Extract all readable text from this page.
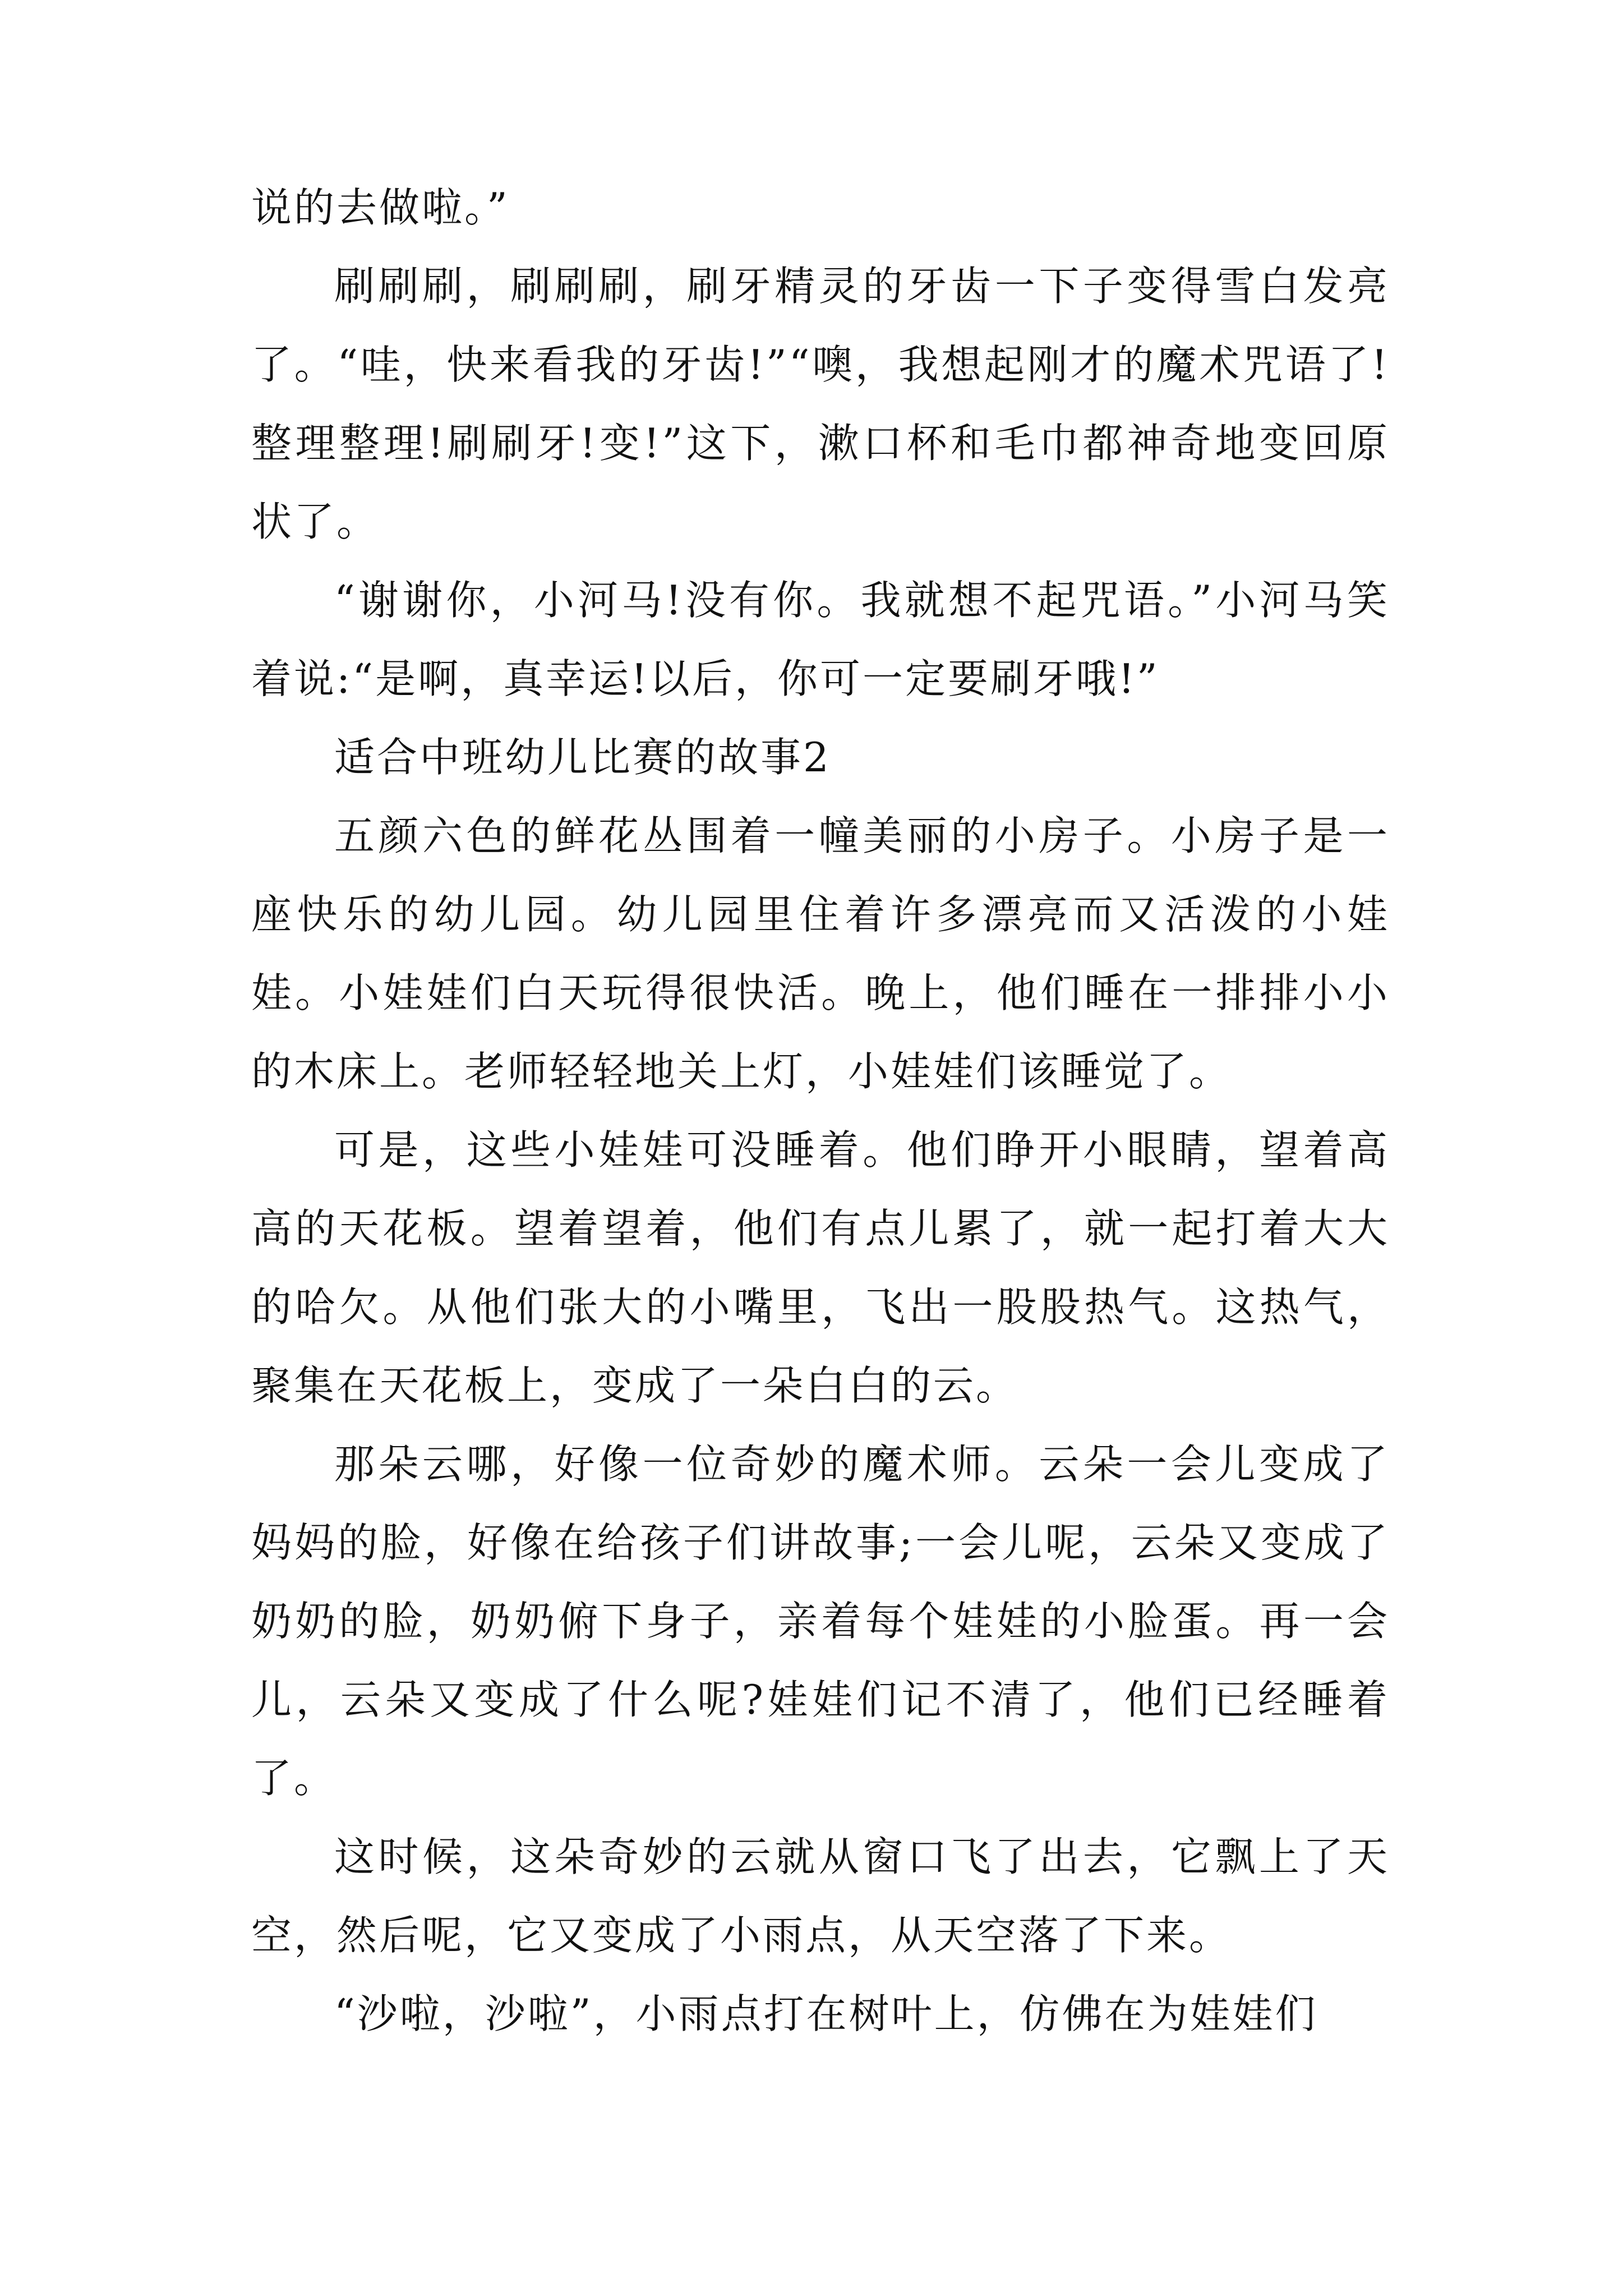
说的去做啦。”

刷刷刷，刷刷刷，刷牙精灵的牙齿一下子变得雪白发亮了。“哇，快来看我的牙齿!”“噢，我想起刚才的魔术咒语了!整理整理!刷刷牙!变!”这下，漱口杯和毛巾都神奇地变回原状了。

“谢谢你，小河马!没有你。我就想不起咒语。”小河马笑着说:“是啊，真幸运!以后，你可一定要刷牙哦!”

适合中班幼儿比赛的故事2

五颜六色的鲜花丛围着一幢美丽的小房子。小房子是一座快乐的幼儿园。幼儿园里住着许多漂亮而又活泼的小娃娃。小娃娃们白天玩得很快活。晚上，他们睡在一排排小小的木床上。老师轻轻地关上灯，小娃娃们该睡觉了。

可是，这些小娃娃可没睡着。他们睁开小眼睛，望着高高的天花板。望着望着，他们有点儿累了，就一起打着大大的哈欠。从他们张大的小嘴里，飞出一股股热气。这热气，聚集在天花板上，变成了一朵白白的云。

那朵云哪，好像一位奇妙的魔术师。云朵一会儿变成了妈妈的脸，好像在给孩子们讲故事;一会儿呢，云朵又变成了奶奶的脸，奶奶俯下身子，亲着每个娃娃的小脸蛋。再一会儿，云朵又变成了什么呢?娃娃们记不清了，他们已经睡着了。

这时候，这朵奇妙的云就从窗口飞了出去，它飘上了天空，然后呢，它又变成了小雨点，从天空落了下来。

“沙啦，沙啦”，小雨点打在树叶上，仿佛在为娃娃们
